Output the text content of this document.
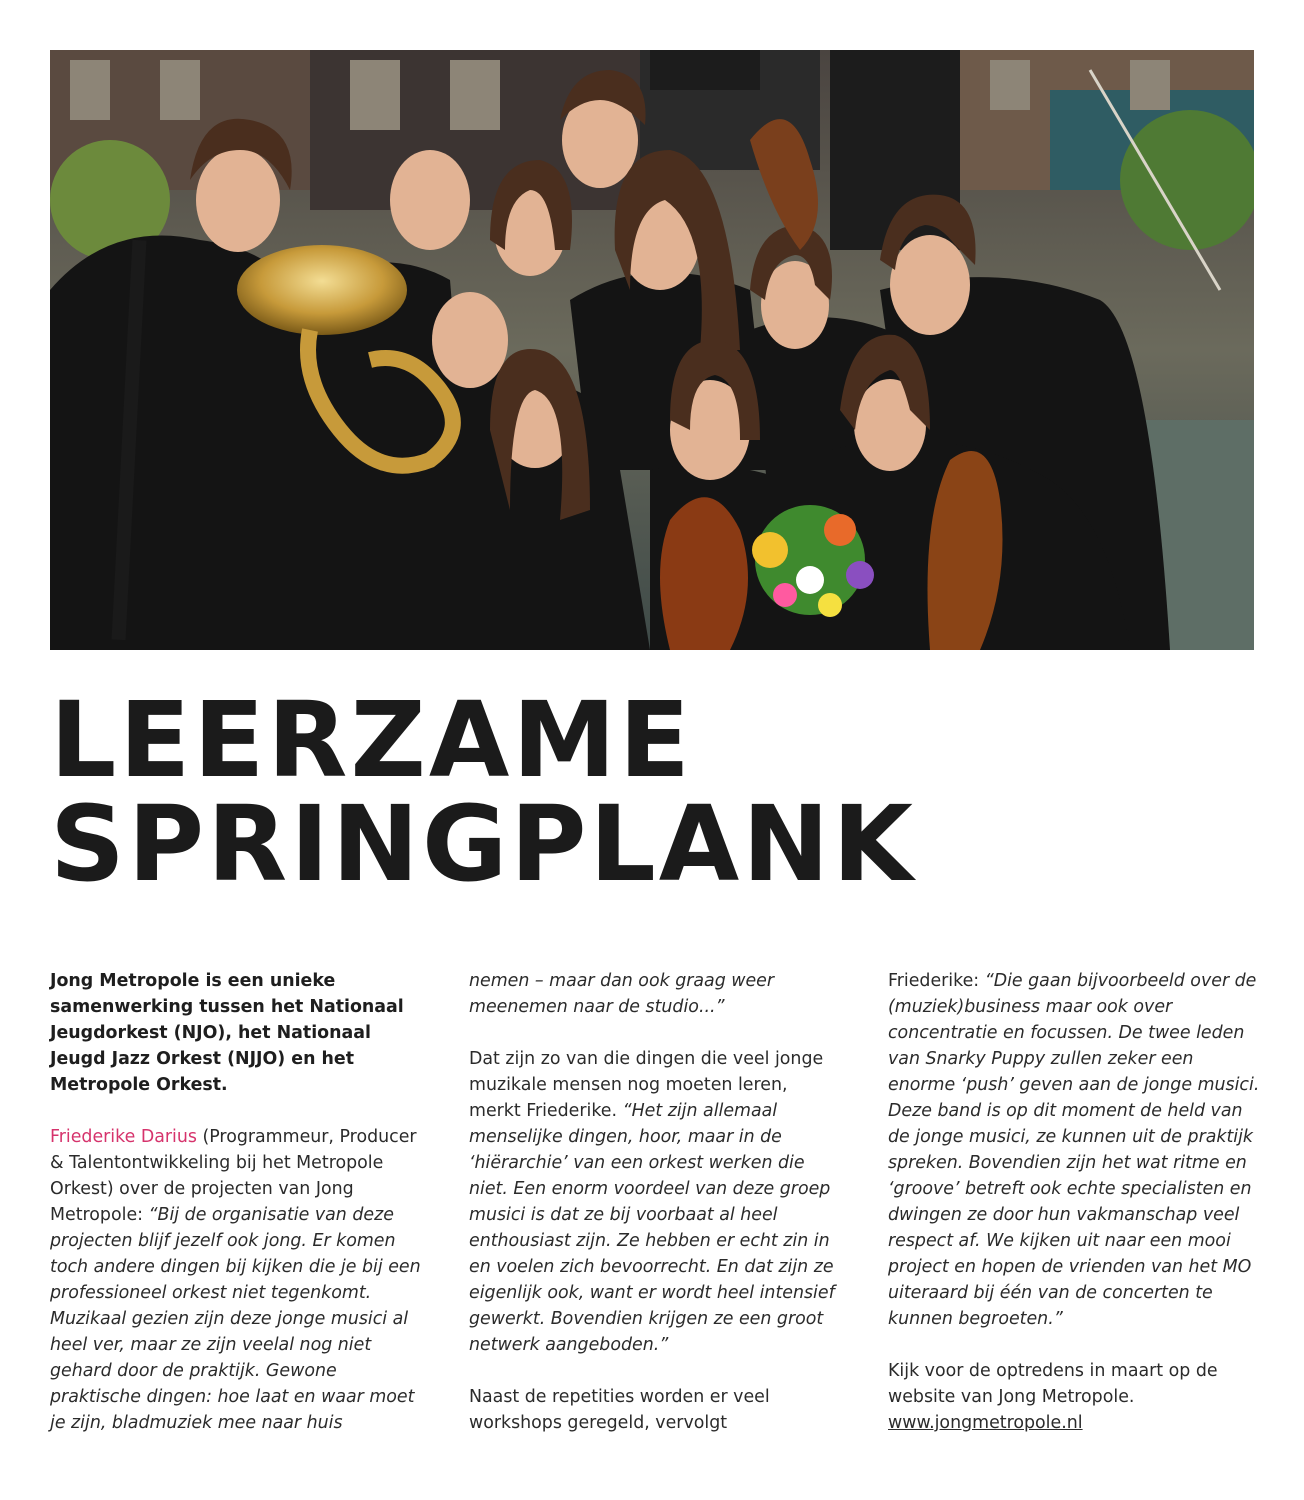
LEERZAME
SPRINGPLANK

Jong Metropole is een unieke samenwerking tussen het Nationaal Jeugdorkest (NJO), het Nationaal Jeugd Jazz Orkest (NJJO) en het Metropole Orkest.

Friederike Darius (Programmeur, Producer & Talentontwikkeling bij het Metropole Orkest) over de projecten van Jong Metropole: “Bij de organisatie van deze projecten blijf jezelf ook jong. Er komen toch andere dingen bij kijken die je bij een professioneel orkest niet tegenkomt. Muzikaal gezien zijn deze jonge musici al heel ver, maar ze zijn veelal nog niet gehard door de praktijk. Gewone praktische dingen: hoe laat en waar moet je zijn, bladmuziek mee naar huis

nemen – maar dan ook graag weer meenemen naar de studio...”

Dat zijn zo van die dingen die veel jonge muzikale mensen nog moeten leren, merkt Friederike. “Het zijn allemaal menselijke dingen, hoor, maar in de ‘hiërarchie’ van een orkest werken die niet. Een enorm voordeel van deze groep musici is dat ze bij voorbaat al heel enthousiast zijn. Ze hebben er echt zin in en voelen zich bevoorrecht. En dat zijn ze eigenlijk ook, want er wordt heel intensief gewerkt. Bovendien krijgen ze een groot netwerk aangeboden.”

Naast de repetities worden er veel workshops geregeld, vervolgt

Friederike: “Die gaan bijvoorbeeld over de (muziek)business maar ook over concentratie en focussen. De twee leden van Snarky Puppy zullen zeker een enorme ‘push’ geven aan de jonge musici. Deze band is op dit moment de held van de jonge musici, ze kunnen uit de praktijk spreken. Bovendien zijn het wat ritme en ‘groove’ betreft ook echte specialisten en dwingen ze door hun vakmanschap veel respect af. We kijken uit naar een mooi project en hopen de vrienden van het MO uiteraard bij één van de concerten te kunnen begroeten.”

Kijk voor de optredens in maart op de website van Jong Metropole.
www.jongmetropole.nl
